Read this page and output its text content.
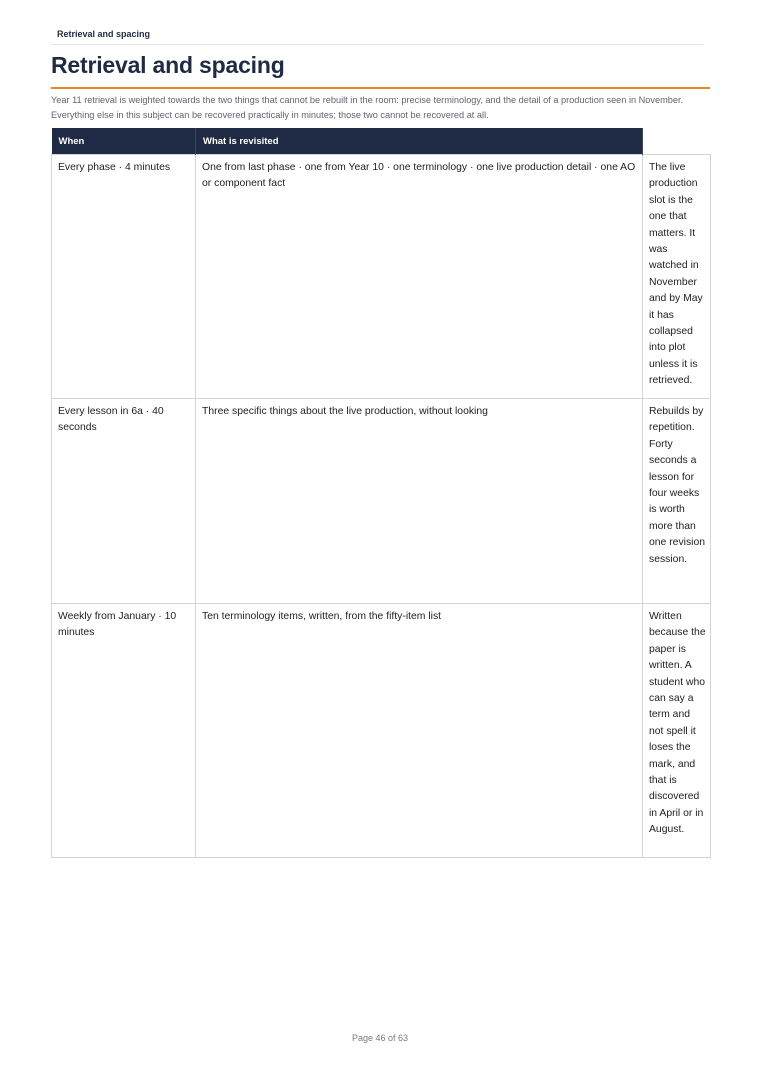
Retrieval and spacing
Retrieval and spacing

Year 11 retrieval is weighted towards the two things that cannot be rebuilt in the room: precise terminology, and the detail of a production seen in November. Everything else in this subject can be recovered practically in minutes; those two cannot be recovered at all.

When	What is revisited	
Every phase · 4 minutes	One from last phase · one from Year 10 · one terminology · one live production detail · one AO or component fact	The live production slot is the one that matters. It was watched in November and by May it has collapsed into plot unless it is retrieved.
Every lesson in 6a · 40 seconds	Three specific things about the live production, without looking	Rebuilds by repetition. Forty seconds a lesson for four weeks is worth more than one revision session.
Weekly from January · 10 minutes	Ten terminology items, written, from the fifty-item list	Written because the paper is written. A student who can say a term and not spell it loses the mark, and that is discovered in April or in August.
Page 46 of 63
